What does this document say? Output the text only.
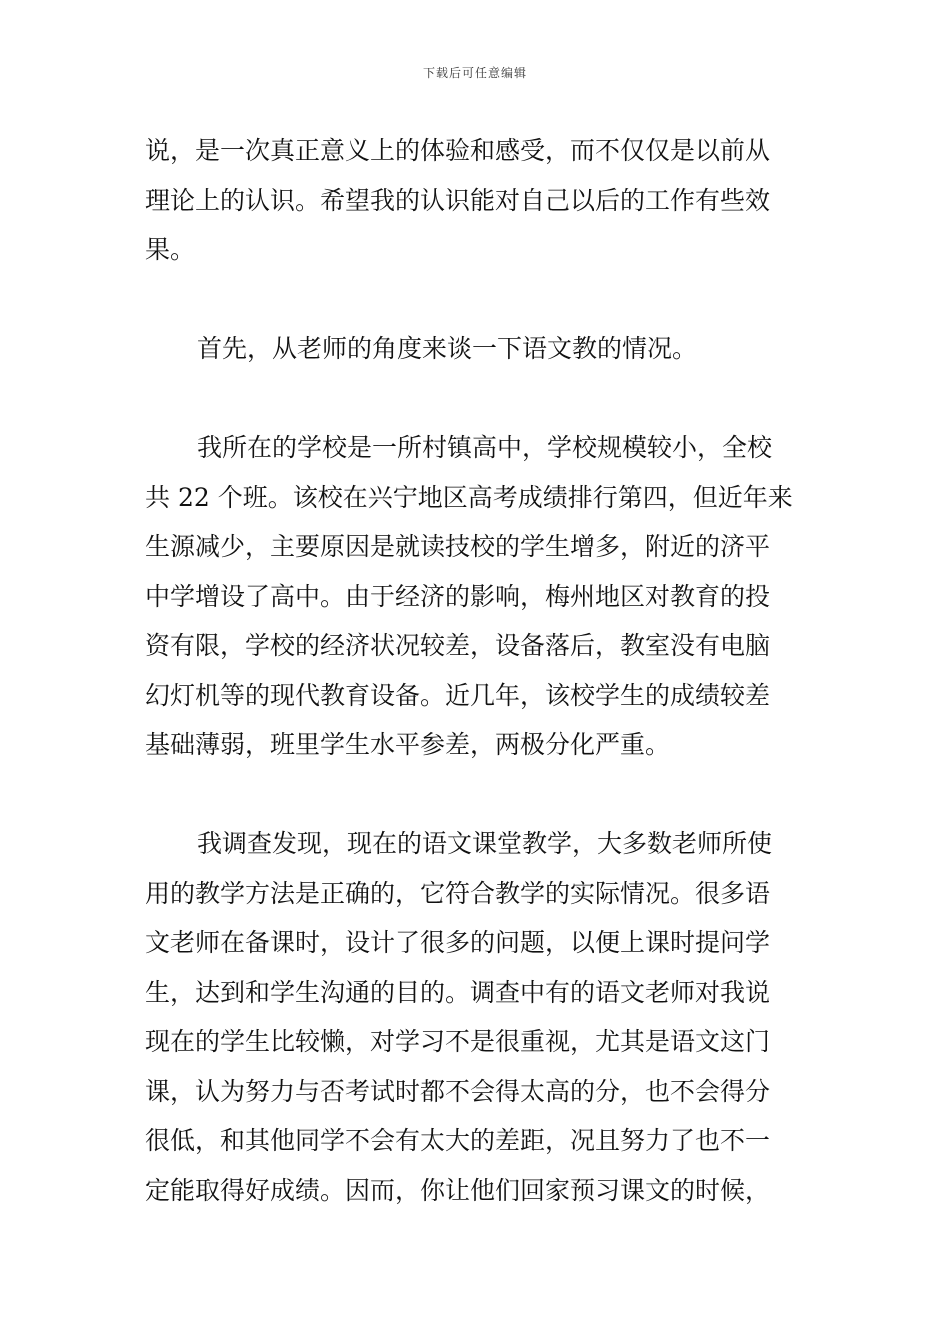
下载后可任意编辑
说，是一次真正意义上的体验和感受，而不仅仅是以前从
理论上的认识。希望我的认识能对自己以后的工作有些效
果。
首先，从老师的角度来谈一下语文教的情况。
我所在的学校是一所村镇高中，学校规模较小，全校
共 22 个班。该校在兴宁地区高考成绩排行第四，但近年来
生源减少，主要原因是就读技校的学生增多，附近的济平
中学增设了高中。由于经济的影响，梅州地区对教育的投
资有限，学校的经济状况较差，设备落后，教室没有电脑
幻灯机等的现代教育设备。近几年，该校学生的成绩较差
基础薄弱，班里学生水平参差，两极分化严重。
我调查发现，现在的语文课堂教学，大多数老师所使
用的教学方法是正确的，它符合教学的实际情况。很多语
文老师在备课时，设计了很多的问题，以便上课时提问学
生，达到和学生沟通的目的。调查中有的语文老师对我说
现在的学生比较懒，对学习不是很重视，尤其是语文这门
课，认为努力与否考试时都不会得太高的分，也不会得分
很低，和其他同学不会有太大的差距，况且努力了也不一
定能取得好成绩。因而，你让他们回家预习课文的时候，
